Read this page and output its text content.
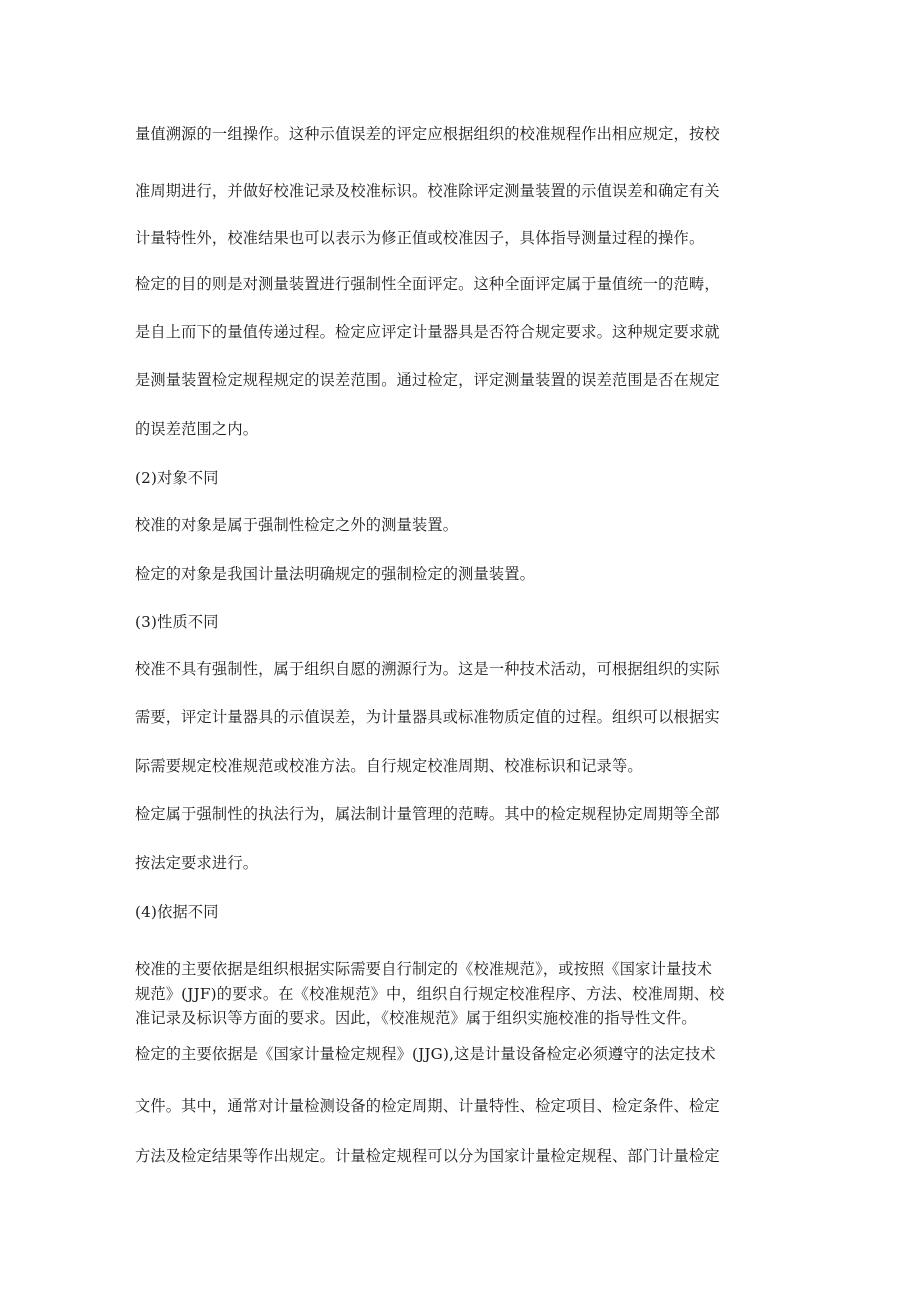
量值溯源的一组操作。这种示值误差的评定应根据组织的校准规程作出相应规定，按校
准周期进行，并做好校准记录及校准标识。校准除评定测量装置的示值误差和确定有关
计量特性外，校准结果也可以表示为修正值或校准因子，具体指导测量过程的操作。
检定的目的则是对测量装置进行强制性全面评定。这种全面评定属于量值统一的范畴，
是自上而下的量值传递过程。检定应评定计量器具是否符合规定要求。这种规定要求就
是测量装置检定规程规定的误差范围。通过检定，评定测量装置的误差范围是否在规定
的误差范围之内。
(2)对象不同
校准的对象是属于强制性检定之外的测量装置。
检定的对象是我国计量法明确规定的强制检定的测量装置。
(3)性质不同
校准不具有强制性，属于组织自愿的溯源行为。这是一种技术活动，可根据组织的实际
需要，评定计量器具的示值误差，为计量器具或标准物质定值的过程。组织可以根据实
际需要规定校准规范或校准方法。自行规定校准周期、校准标识和记录等。
检定属于强制性的执法行为，属法制计量管理的范畴。其中的检定规程协定周期等全部
按法定要求进行。
(4)依据不同
校准的主要依据是组织根据实际需要自行制定的《校准规范》，或按照《国家计量技术
规范》(JJF)的要求。在《校准规范》中，组织自行规定校准程序、方法、校准周期、校
准记录及标识等方面的要求。因此，《校准规范》属于组织实施校准的指导性文件。
检定的主要依据是《国家计量检定规程》(JJG),这是计量设备检定必须遵守的法定技术
文件。其中，通常对计量检测设备的检定周期、计量特性、检定项目、检定条件、检定
方法及检定结果等作出规定。计量检定规程可以分为国家计量检定规程、部门计量检定
